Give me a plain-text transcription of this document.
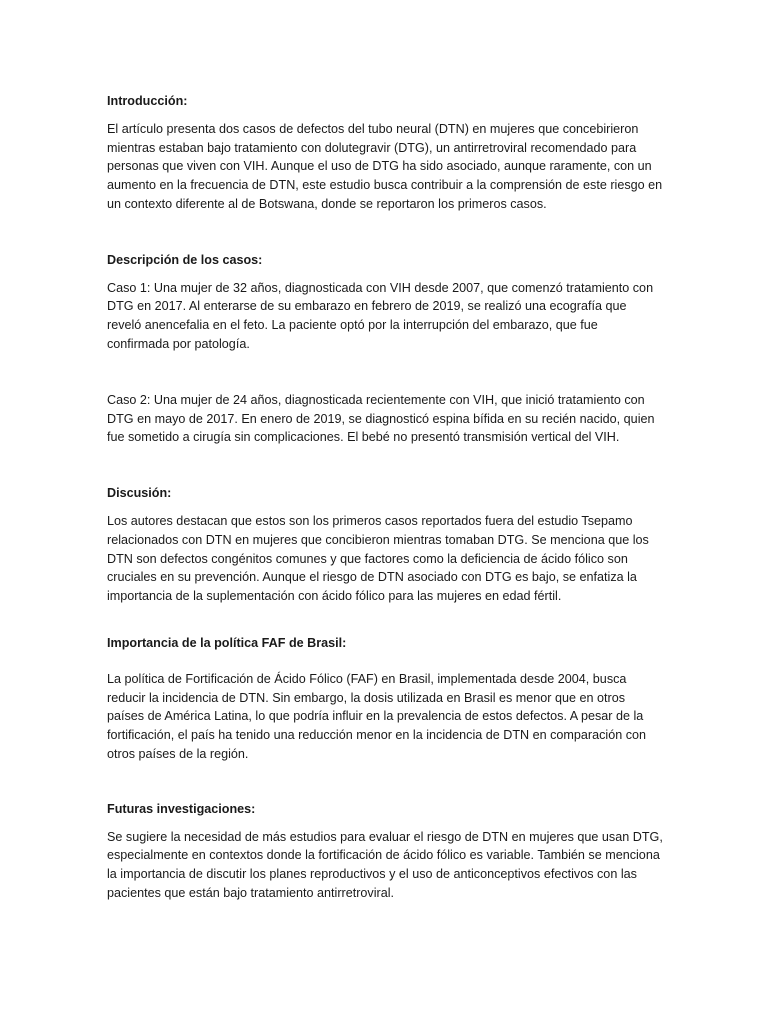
Introducción:

El artículo presenta dos casos de defectos del tubo neural (DTN) en mujeres que concebirieron mientras estaban bajo tratamiento con dolutegravir (DTG), un antirretroviral recomendado para personas que viven con VIH. Aunque el uso de DTG ha sido asociado, aunque raramente, con un aumento en la frecuencia de DTN, este estudio busca contribuir a la comprensión de este riesgo en un contexto diferente al de Botswana, donde se reportaron los primeros casos.

Descripción de los casos:

Caso 1: Una mujer de 32 años, diagnosticada con VIH desde 2007, que comenzó tratamiento con DTG en 2017. Al enterarse de su embarazo en febrero de 2019, se realizó una ecografía que reveló anencefalia en el feto. La paciente optó por la interrupción del embarazo, que fue confirmada por patología.

Caso 2: Una mujer de 24 años, diagnosticada recientemente con VIH, que inició tratamiento con DTG en mayo de 2017. En enero de 2019, se diagnosticó espina bífida en su recién nacido, quien fue sometido a cirugía sin complicaciones. El bebé no presentó transmisión vertical del VIH.

Discusión:

Los autores destacan que estos son los primeros casos reportados fuera del estudio Tsepamo relacionados con DTN en mujeres que concibieron mientras tomaban DTG. Se menciona que los DTN son defectos congénitos comunes y que factores como la deficiencia de ácido fólico son cruciales en su prevención. Aunque el riesgo de DTN asociado con DTG es bajo, se enfatiza la importancia de la suplementación con ácido fólico para las mujeres en edad fértil.

Importancia de la política FAF de Brasil:

La política de Fortificación de Ácido Fólico (FAF) en Brasil, implementada desde 2004, busca reducir la incidencia de DTN. Sin embargo, la dosis utilizada en Brasil es menor que en otros países de América Latina, lo que podría influir en la prevalencia de estos defectos. A pesar de la fortificación, el país ha tenido una reducción menor en la incidencia de DTN en comparación con otros países de la región.

Futuras investigaciones:

Se sugiere la necesidad de más estudios para evaluar el riesgo de DTN en mujeres que usan DTG, especialmente en contextos donde la fortificación de ácido fólico es variable. También se menciona la importancia de discutir los planes reproductivos y el uso de anticonceptivos efectivos con las pacientes que están bajo tratamiento antirretroviral.
